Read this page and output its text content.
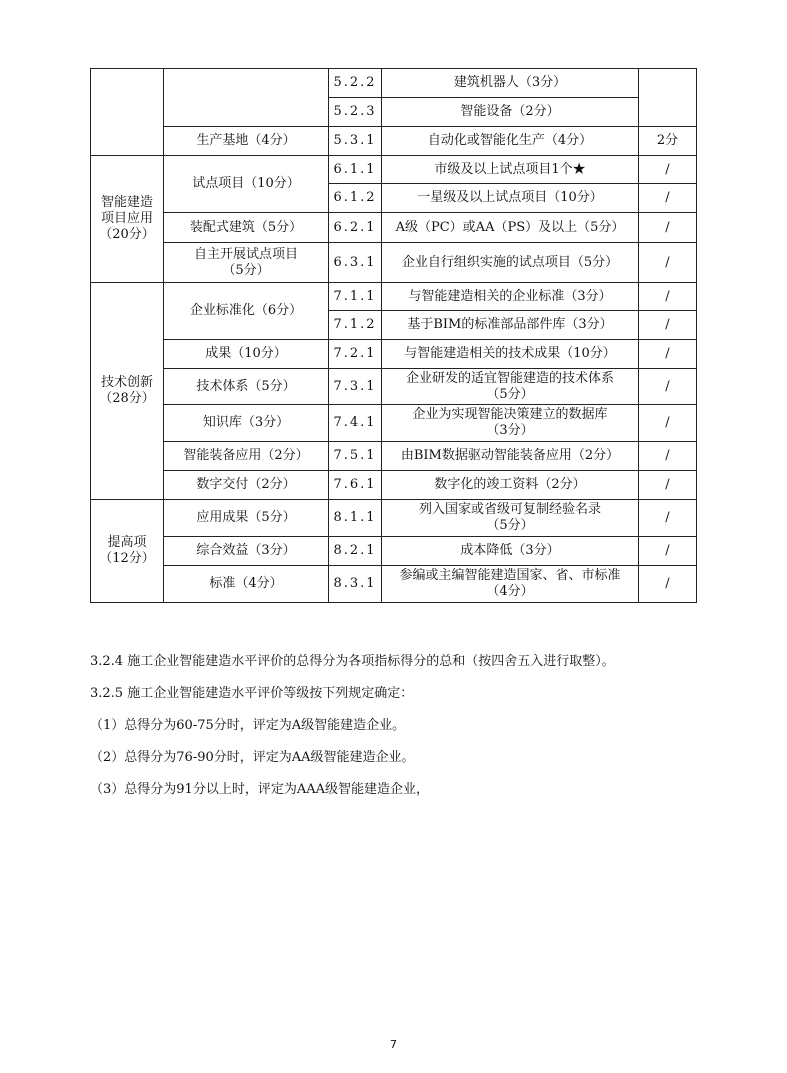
		5.2.2	建筑机器人（3分）	
		5.2.3	智能设备（2分）	
	生产基地（4分）	5.3.1	自动化或智能化生产（4分）	2分
智能建造
项目应用
（20分）	试点项目（10分）	6.1.1	市级及以上试点项目1个★	/
		6.1.2	一星级及以上试点项目（10分）	/
	装配式建筑（5分）	6.2.1	A级（PC）或AA（PS）及以上（5分）	/
	自主开展试点项目
（5分）	6.3.1	企业自行组织实施的试点项目（5分）	/
技术创新
（28分）	企业标准化（6分）	7.1.1	与智能建造相关的企业标准（3分）	/
		7.1.2	基于BIM的标准部品部件库（3分）	/
	成果（10分）	7.2.1	与智能建造相关的技术成果（10分）	/
	技术体系（5分）	7.3.1	企业研发的适宜智能建造的技术体系
（5分）	/
	知识库（3分）	7.4.1	企业为实现智能决策建立的数据库
（3分）	/
	智能装备应用（2分）	7.5.1	由BIM数据驱动智能装备应用（2分）	/
	数字交付（2分）	7.6.1	数字化的竣工资料（2分）	/
提高项
（12分）	应用成果（5分）	8.1.1	列入国家或省级可复制经验名录
（5分）	/
	综合效益（3分）	8.2.1	成本降低（3分）	/
	标准（4分）	8.3.1	参编或主编智能建造国家、省、市标准
（4分）	/
3.2.4 施工企业智能建造水平评价的总得分为各项指标得分的总和（按四舍五入进行取整）。
3.2.5 施工企业智能建造水平评价等级按下列规定确定：
（1）总得分为60-75分时，评定为A级智能建造企业。
（2）总得分为76-90分时，评定为AA级智能建造企业。
（3）总得分为91分以上时，评定为AAA级智能建造企业，
7
